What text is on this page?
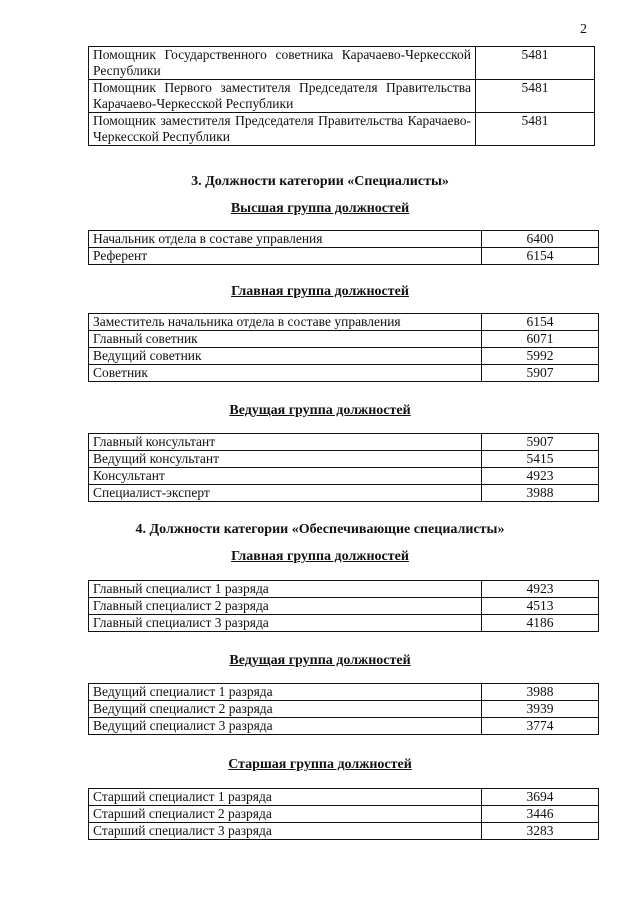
2
Помощник Государственного советника Карачаево-Черкесской Республики	5481
Помощник Первого заместителя Председателя Правительства Карачаево-Черкесской Республики	5481
Помощник заместителя Председателя Правительства Карачаево-Черкесской Республики	5481
3. Должности категории «Специалисты»
Высшая группа должностей
Начальник отдела в составе управления	6400
Референт	6154
Главная группа должностей
Заместитель начальника отдела в составе управления	6154
Главный советник	6071
Ведущий советник	5992
Советник	5907
Ведущая группа должностей
Главный консультант	5907
Ведущий консультант	5415
Консультант	4923
Специалист-эксперт	3988
4. Должности категории «Обеспечивающие специалисты»
Главная группа должностей
Главный специалист 1 разряда	4923
Главный специалист 2 разряда	4513
Главный специалист 3 разряда	4186
Ведущая группа должностей
Ведущий специалист 1 разряда	3988
Ведущий специалист 2 разряда	3939
Ведущий специалист 3 разряда	3774
Старшая группа должностей
Старший специалист 1 разряда	3694
Старший специалист 2 разряда	3446
Старший специалист 3 разряда	3283
